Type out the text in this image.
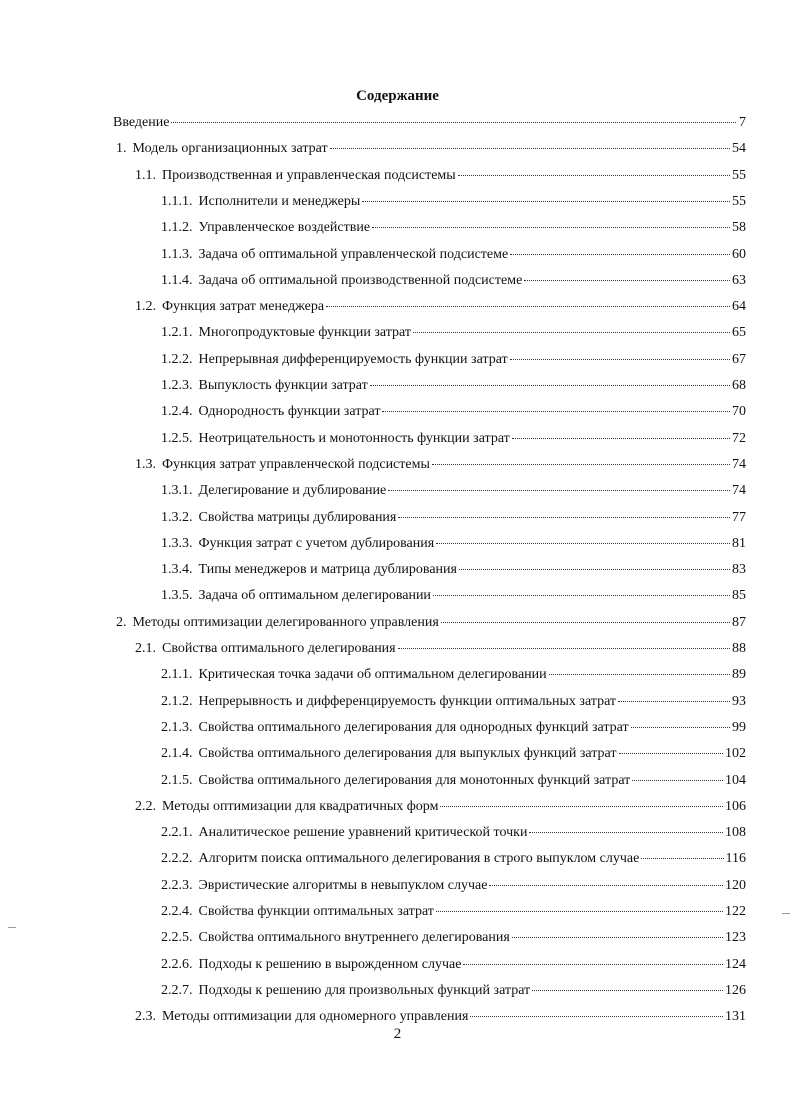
Содержание
Введение	7
1. Модель организационных затрат	54
1.1. Производственная и управленческая подсистемы	55
1.1.1. Исполнители и менеджеры	55
1.1.2. Управленческое воздействие	58
1.1.3. Задача об оптимальной управленческой подсистеме	60
1.1.4. Задача об оптимальной производственной подсистеме	63
1.2. Функция затрат менеджера	64
1.2.1. Многопродуктовые функции затрат	65
1.2.2. Непрерывная дифференцируемость функции затрат	67
1.2.3. Выпуклость функции затрат	68
1.2.4. Однородность функции затрат	70
1.2.5. Неотрицательность и монотонность функции затрат	72
1.3. Функция затрат управленческой подсистемы	74
1.3.1. Делегирование и дублирование	74
1.3.2. Свойства матрицы дублирования	77
1.3.3. Функция затрат с учетом дублирования	81
1.3.4. Типы менеджеров и матрица дублирования	83
1.3.5. Задача об оптимальном делегировании	85
2. Методы оптимизации делегированного управления	87
2.1. Свойства оптимального делегирования	88
2.1.1. Критическая точка задачи об оптимальном делегировании	89
2.1.2. Непрерывность и дифференцируемость функции оптимальных затрат	93
2.1.3. Свойства оптимального делегирования для однородных функций затрат	99
2.1.4. Свойства оптимального делегирования для выпуклых функций затрат	102
2.1.5. Свойства оптимального делегирования для монотонных функций затрат	104
2.2. Методы оптимизации для квадратичных форм	106
2.2.1. Аналитическое решение уравнений критической точки	108
2.2.2. Алгоритм поиска оптимального делегирования в строго выпуклом случае	116
2.2.3. Эвристические алгоритмы в невыпуклом случае	120
2.2.4. Свойства функции оптимальных затрат	122
2.2.5. Свойства оптимального внутреннего делегирования	123
2.2.6. Подходы к решению в вырожденном случае	124
2.2.7. Подходы к решению для произвольных функций затрат	126
2.3. Методы оптимизации для одномерного управления	131
2
